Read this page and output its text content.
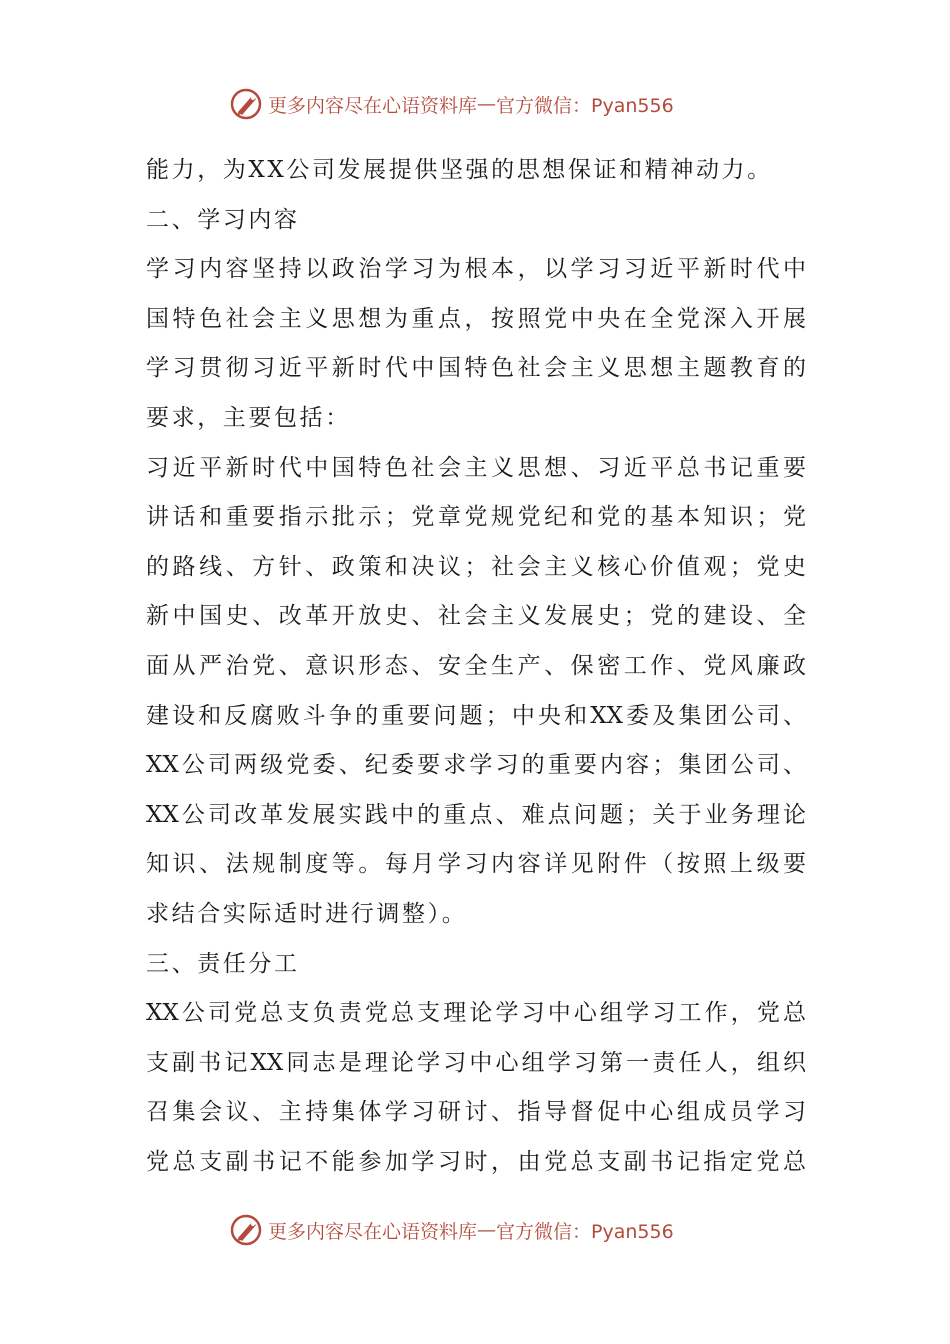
更多内容尽在心语资料库 — 官方微信：Pyan556
能力，为XX公司发展提供坚强的思想保证和精神动力。
二、学习内容
学习内容坚持以政治学习为根本，以学习习近平新时代中
国特色社会主义思想为重点，按照党中央在全党深入开展
学习贯彻习近平新时代中国特色社会主义思想主题教育的
要求，主要包括：
习近平新时代中国特色社会主义思想、习近平总书记重要
讲话和重要指示批示；党章党规党纪和党的基本知识；党
的路线、方针、政策和决议；社会主义核心价值观；党史
新中国史、改革开放史、社会主义发展史；党的建设、全
面从严治党、意识形态、安全生产、保密工作、党风廉政
建设和反腐败斗争的重要问题；中央和XX委及集团公司、
XX公司两级党委、纪委要求学习的重要内容；集团公司、
XX公司改革发展实践中的重点、难点问题；关于业务理论
知识、法规制度等。每月学习内容详见附件（按照上级要
求结合实际适时进行调整）。
三、责任分工
XX公司党总支负责党总支理论学习中心组学习工作，党总
支副书记XX同志是理论学习中心组学习第一责任人，组织
召集会议、主持集体学习研讨、指导督促中心组成员学习
党总支副书记不能参加学习时，由党总支副书记指定党总
更多内容尽在心语资料库 — 官方微信：Pyan556
